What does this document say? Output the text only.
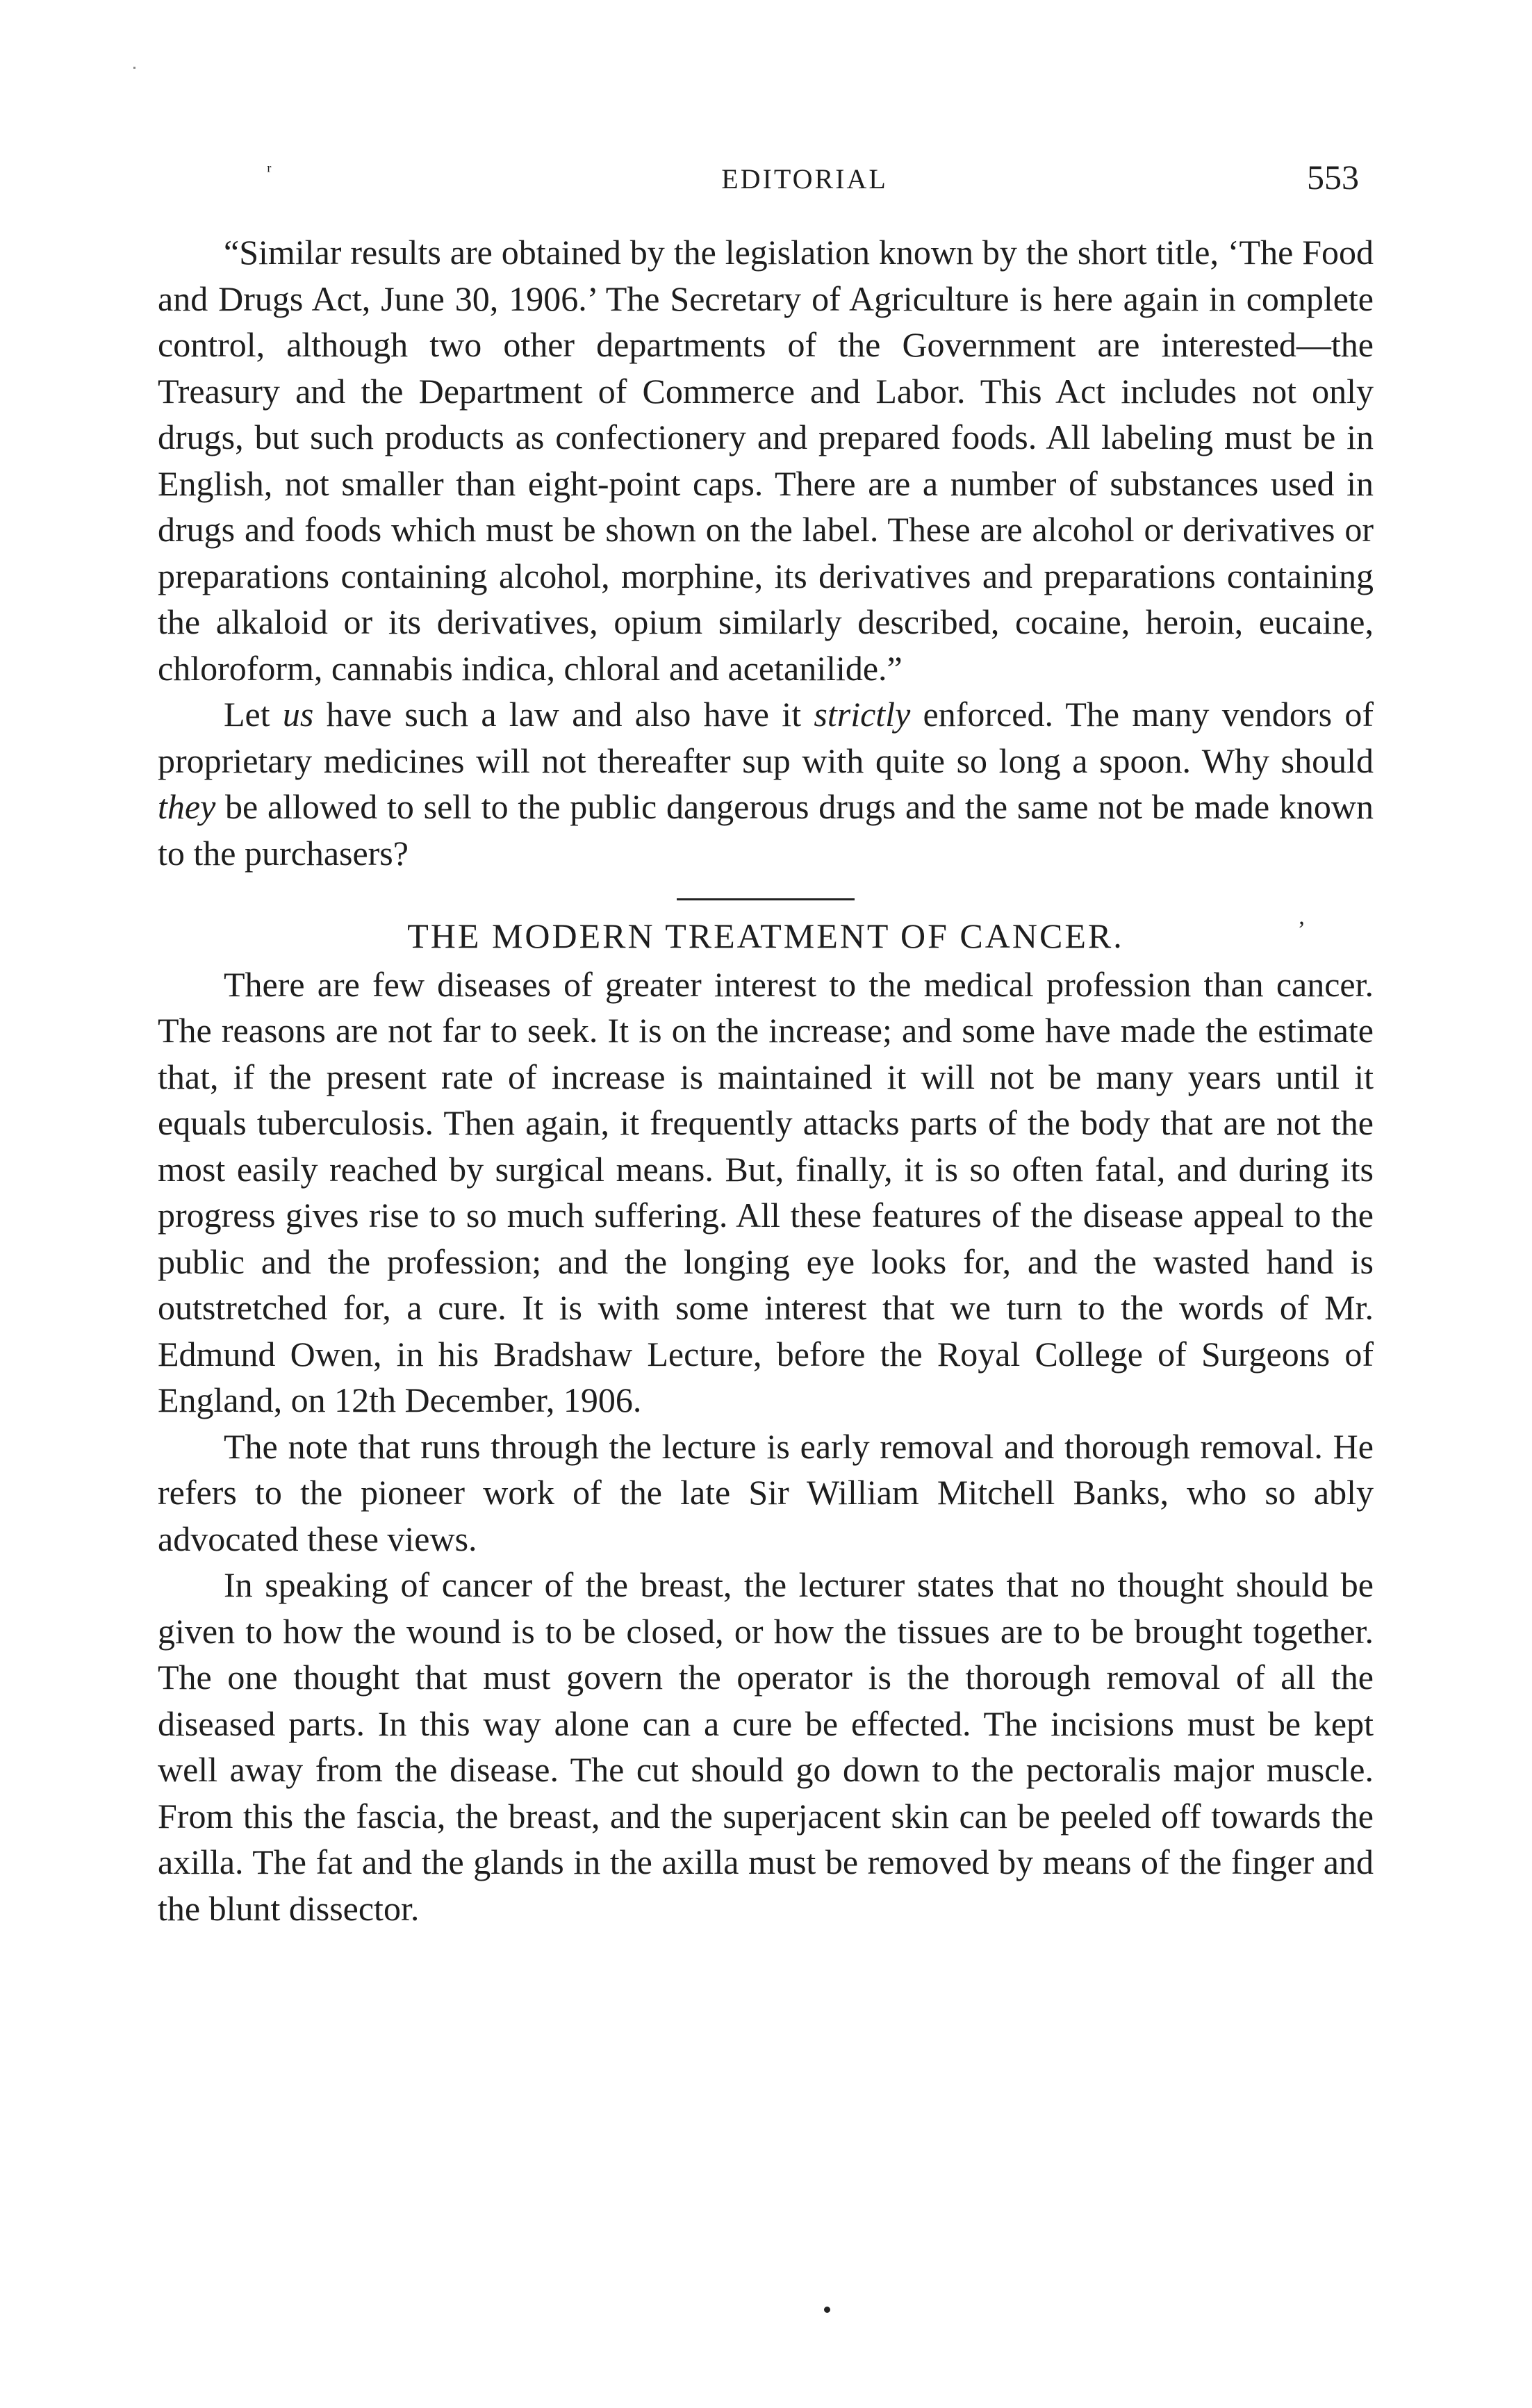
ʳ	EDITORIAL	553

“Similar results are obtained by the legislation known by the short title, ‘The Food and Drugs Act, June 30, 1906.’ The Secretary of Agriculture is here again in complete control, although two other departments of the Government are interested—the Treasury and the Department of Commerce and Labor. This Act includes not only drugs, but such products as confectionery and prepared foods. All labeling must be in English, not smaller than eight-point caps. There are a number of substances used in drugs and foods which must be shown on the label. These are alcohol or derivatives or preparations containing alcohol, morphine, its derivatives and preparations containing the alkaloid or its derivatives, opium similarly described, cocaine, heroin, eucaine, chloroform, cannabis indica, chloral and acetanilide.”

Let us have such a law and also have it strictly enforced. The many vendors of proprietary medicines will not thereafter sup with quite so long a spoon. Why should they be allowed to sell to the public dangerous drugs and the same not be made known to the purchasers?

THE MODERN TREATMENT OF CANCER.	ʼ

There are few diseases of greater interest to the medical profession than cancer. The reasons are not far to seek. It is on the increase; and some have made the estimate that, if the present rate of increase is maintained it will not be many years until it equals tuberculosis. Then again, it frequently attacks parts of the body that are not the most easily reached by surgical means. But, finally, it is so often fatal, and during its progress gives rise to so much suffering. All these features of the disease appeal to the public and the profession; and the longing eye looks for, and the wasted hand is outstretched for, a cure. It is with some interest that we turn to the words of Mr. Edmund Owen, in his Bradshaw Lecture, before the Royal College of Surgeons of England, on 12th December, 1906.

The note that runs through the lecture is early removal and thorough removal. He refers to the pioneer work of the late Sir William Mitchell Banks, who so ably advocated these views.

In speaking of cancer of the breast, the lecturer states that no thought should be given to how the wound is to be closed, or how the tissues are to be brought together. The one thought that must govern the operator is the thorough removal of all the diseased parts. In this way alone can a cure be effected. The incisions must be kept well away from the disease. The cut should go down to the pectoralis major muscle. From this the fascia, the breast, and the superjacent skin can be peeled off towards the axilla. The fat and the glands in the axilla must be removed by means of the finger and the blunt dissector.
